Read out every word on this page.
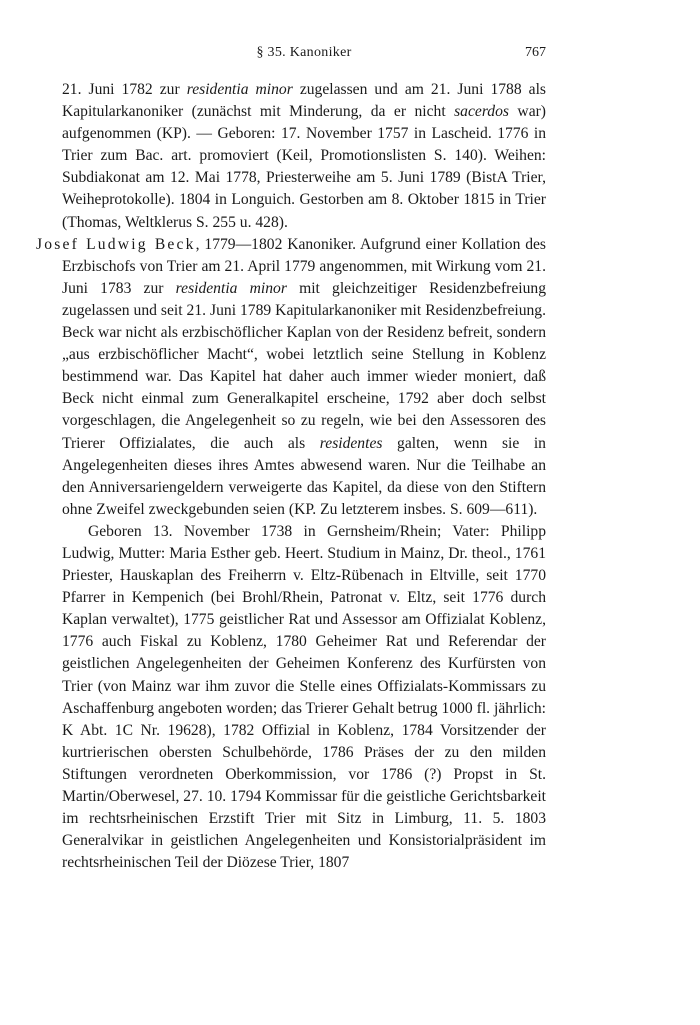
§ 35. Kanoniker	767

21. Juni 1782 zur residentia minor zugelassen und am 21. Juni 1788 als Kapitularkanoniker (zunächst mit Minderung, da er nicht sacerdos war) aufgenommen (KP). — Geboren: 17. November 1757 in Lascheid. 1776 in Trier zum Bac. art. promoviert (Keil, Promotionslisten S. 140). Weihen: Subdiakonat am 12. Mai 1778, Priesterweihe am 5. Juni 1789 (BistA Trier, Weiheprotokolle). 1804 in Longuich. Gestorben am 8. Oktober 1815 in Trier (Thomas, Weltklerus S. 255 u. 428).

Josef Ludwig Beck, 1779—1802 Kanoniker. Aufgrund einer Kollation des Erzbischofs von Trier am 21. April 1779 angenommen, mit Wirkung vom 21. Juni 1783 zur residentia minor mit gleichzeitiger Residenzbefreiung zugelassen und seit 21. Juni 1789 Kapitularkanoniker mit Residenzbefreiung. Beck war nicht als erzbischöflicher Kaplan von der Residenz befreit, sondern „aus erzbischöflicher Macht“, wobei letztlich seine Stellung in Koblenz bestimmend war. Das Kapitel hat daher auch immer wieder moniert, daß Beck nicht einmal zum Generalkapitel erscheine, 1792 aber doch selbst vorgeschlagen, die Angelegenheit so zu regeln, wie bei den Assessoren des Trierer Offizialates, die auch als residentes galten, wenn sie in Angelegenheiten dieses ihres Amtes abwesend waren. Nur die Teilhabe an den Anniversariengeldern verweigerte das Kapitel, da diese von den Stiftern ohne Zweifel zweckgebunden seien (KP. Zu letzterem insbes. S. 609—611).

Geboren 13. November 1738 in Gernsheim/Rhein; Vater: Philipp Ludwig, Mutter: Maria Esther geb. Heert. Studium in Mainz, Dr. theol., 1761 Priester, Hauskaplan des Freiherrn v. Eltz-Rübenach in Eltville, seit 1770 Pfarrer in Kempenich (bei Brohl/Rhein, Patronat v. Eltz, seit 1776 durch Kaplan verwaltet), 1775 geistlicher Rat und Assessor am Offizialat Koblenz, 1776 auch Fiskal zu Koblenz, 1780 Geheimer Rat und Referendar der geistlichen Angelegenheiten der Geheimen Konferenz des Kurfürsten von Trier (von Mainz war ihm zuvor die Stelle eines Offizialats-Kommissars zu Aschaffenburg angeboten worden; das Trierer Gehalt betrug 1000 fl. jährlich: K Abt. 1C Nr. 19628), 1782 Offizial in Koblenz, 1784 Vorsitzender der kurtrierischen obersten Schulbehörde, 1786 Präses der zu den milden Stiftungen verordneten Oberkommission, vor 1786 (?) Propst in St. Martin/Oberwesel, 27. 10. 1794 Kommissar für die geistliche Gerichtsbarkeit im rechtsrheinischen Erzstift Trier mit Sitz in Limburg, 11. 5. 1803 Generalvikar in geistlichen Angelegenheiten und Konsistorialpräsident im rechtsrheinischen Teil der Diözese Trier, 1807
